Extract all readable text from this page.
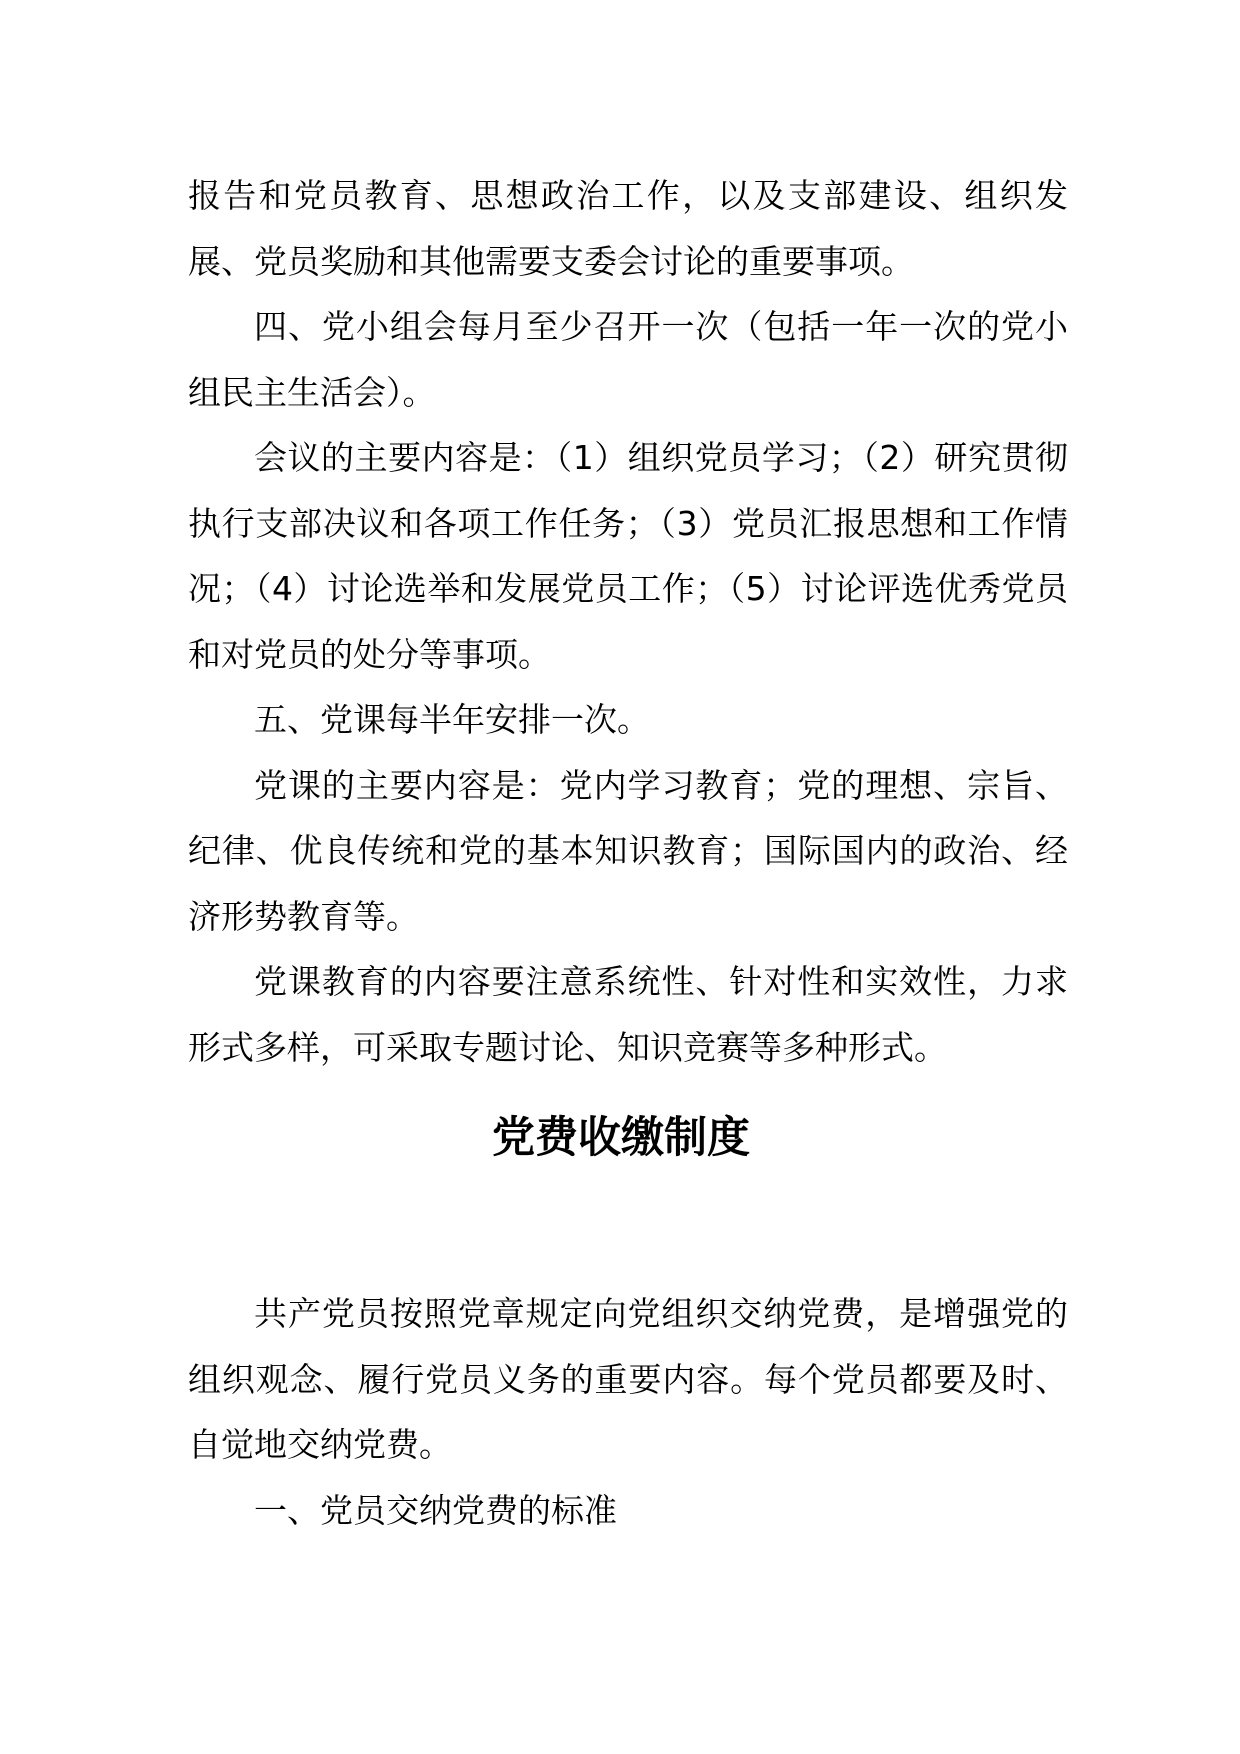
报告和党员教育、思想政治工作，以及支部建设、组织发展、党员奖励和其他需要支委会讨论的重要事项。

四、党小组会每月至少召开一次（包括一年一次的党小组民主生活会）。

会议的主要内容是：（1）组织党员学习；（2）研究贯彻执行支部决议和各项工作任务；（3）党员汇报思想和工作情况；（4）讨论选举和发展党员工作；（5）讨论评选优秀党员和对党员的处分等事项。

五、党课每半年安排一次。

党课的主要内容是：党内学习教育；党的理想、宗旨、纪律、优良传统和党的基本知识教育；国际国内的政治、经济形势教育等。

党课教育的内容要注意系统性、针对性和实效性，力求形式多样，可采取专题讨论、知识竞赛等多种形式。

党费收缴制度

共产党员按照党章规定向党组织交纳党费，是增强党的组织观念、履行党员义务的重要内容。每个党员都要及时、自觉地交纳党费。

一、党员交纳党费的标准
